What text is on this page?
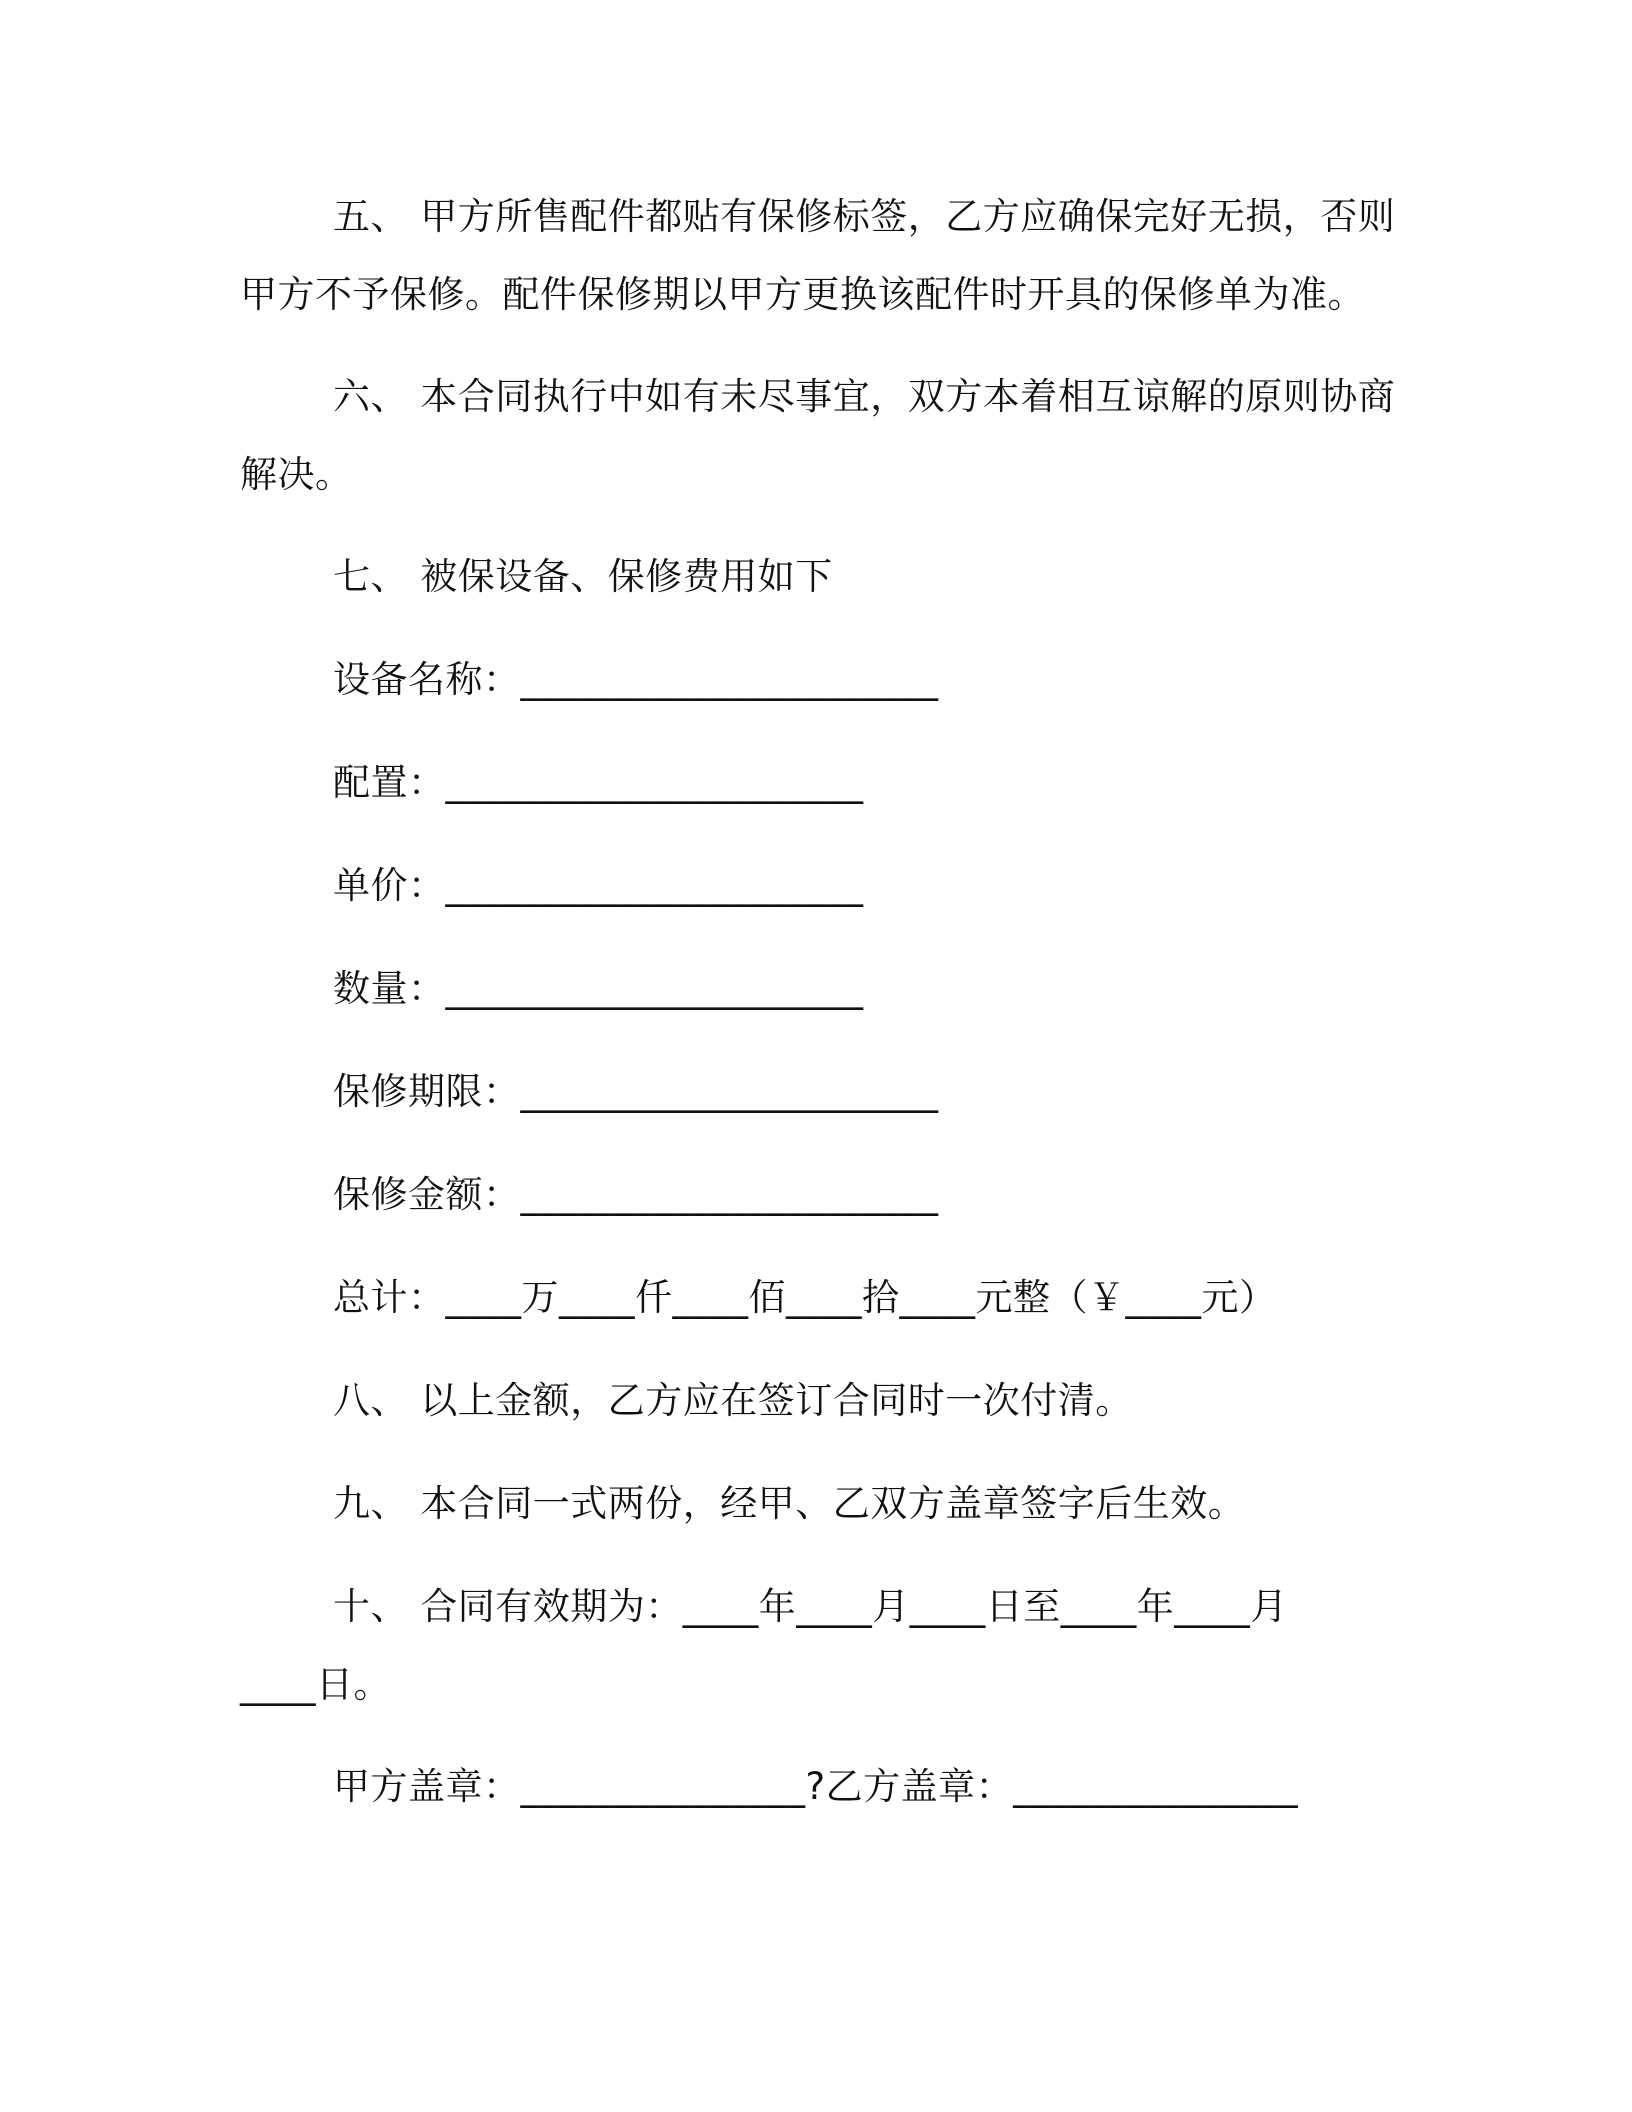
五、 甲方所售配件都贴有保修标签，乙方应确保完好无损，否则
甲方不予保修。配件保修期以甲方更换该配件时开具的保修单为准。
六、 本合同执行中如有未尽事宜，双方本着相互谅解的原则协商
解决。
七、 被保设备、保修费用如下
设备名称：______________________
配置：______________________
单价：______________________
数量：______________________
保修期限：______________________
保修金额：______________________
总计：____万____仟____佰____拾____元整（￥____元）
八、 以上金额，乙方应在签订合同时一次付清。
九、 本合同一式两份，经甲、乙双方盖章签字后生效。
十、 合同有效期为：____年____月____日至____年____月
____日。
甲方盖章：_______________?乙方盖章：_______________
